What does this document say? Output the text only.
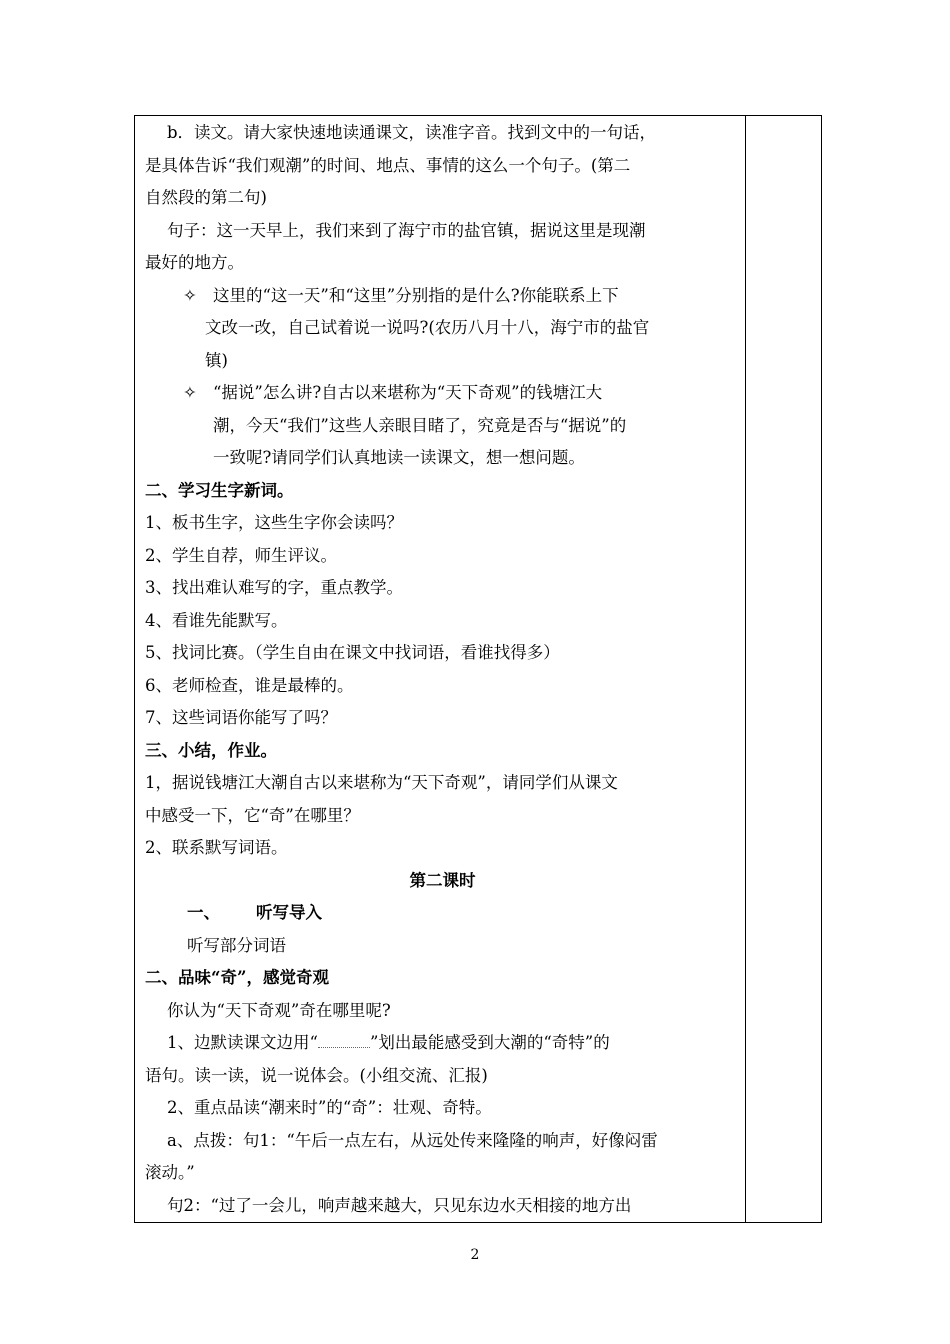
b．读文。请大家快速地读通课文，读准字音。找到文中的一句话，

是具体告诉“我们观潮”的时间、地点、事情的这么一个句子。(第二

自然段的第二句)

句子：这一天早上，我们来到了海宁市的盐官镇，据说这里是现潮

最好的地方。

✧ 这里的“这一天”和“这里”分别指的是什么?你能联系上下

文改一改，自己试着说一说吗?(农历八月十八，海宁市的盐官

镇)

✧ “据说”怎么讲?自古以来堪称为“天下奇观”的钱塘江大

潮，今天“我们”这些人亲眼目睹了，究竟是否与“据说”的

一致呢?请同学们认真地读一读课文，想一想问题。

二、学习生字新词。

1、板书生字，这些生字你会读吗？

2、学生自荐，师生评议。

3、找出难认难写的字，重点教学。

4、看谁先能默写。

5、找词比赛。（学生自由在课文中找词语，看谁找得多）

6、老师检查，谁是最棒的。

7、这些词语你能写了吗？

三、小结，作业。

1，据说钱塘江大潮自古以来堪称为“天下奇观”，请同学们从课文

中感受一下，它“奇”在哪里？

2、联系默写词语。

第二课时

一、 听写导入

听写部分词语

二、品味“奇”，感觉奇观

你认为“天下奇观”奇在哪里呢?

1、边默读课文边用“	”划出最能感受到大潮的“奇特”的

语句。读一读，说一说体会。(小组交流、汇报)

2、重点品读“潮来时”的“奇”：壮观、奇特。

a、点拨：句1：“午后一点左右，从远处传来隆隆的响声，好像闷雷

滚动。”

句2：“过了一会儿，响声越来越大，只见东边水天相接的地方出

2
